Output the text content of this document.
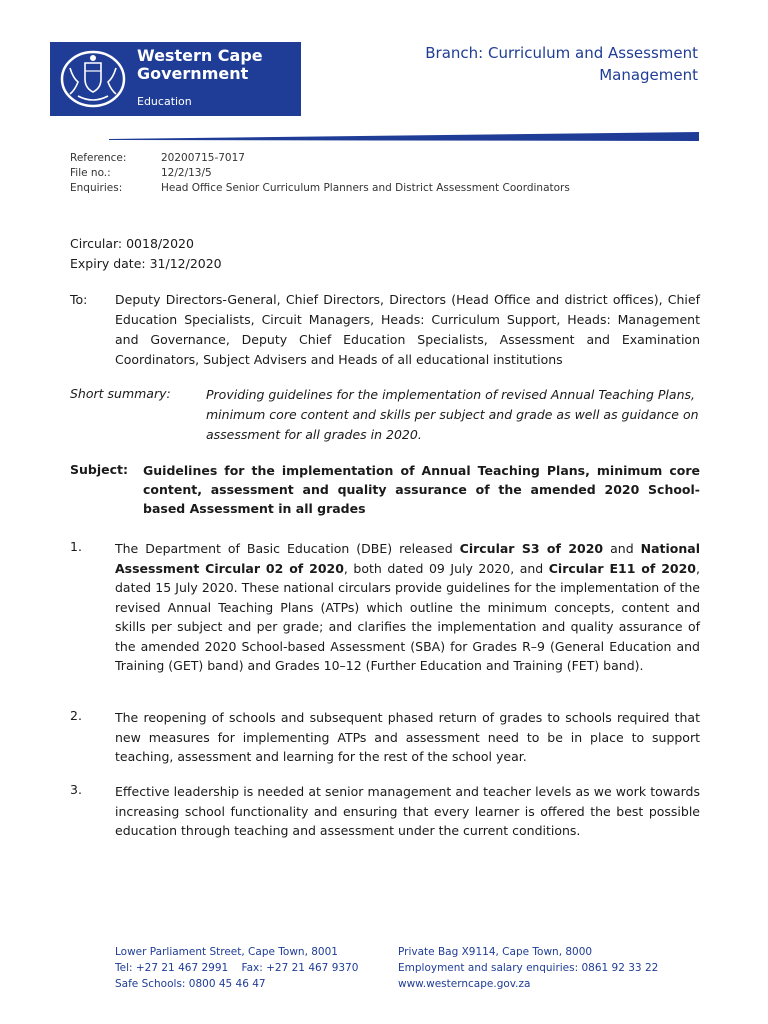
Western Cape
Government
Education
Branch: Curriculum and Assessment
Management
Reference:	20200715-7017
File no.:	12/2/13/5
Enquiries:	Head Office Senior Curriculum Planners and District Assessment Coordinators
Circular: 0018/2020
Expiry date: 31/12/2020
To: Deputy Directors-General, Chief Directors, Directors (Head Office and district offices), Chief Education Specialists, Circuit Managers, Heads: Curriculum Support, Heads: Management and Governance, Deputy Chief Education Specialists, Assessment and Examination Coordinators, Subject Advisers and Heads of all educational institutions

Short summary:	Providing guidelines for the implementation of revised Annual Teaching Plans, minimum core content and skills per subject and grade as well as guidance on assessment for all grades in 2020.

Subject: Guidelines for the implementation of Annual Teaching Plans, minimum core content, assessment and quality assurance of the amended 2020 School-based Assessment in all grades

1.	The Department of Basic Education (DBE) released Circular S3 of 2020 and National Assessment Circular 02 of 2020, both dated 09 July 2020, and Circular E11 of 2020, dated 15 July 2020. These national circulars provide guidelines for the implementation of the revised Annual Teaching Plans (ATPs) which outline the minimum concepts, content and skills per subject and per grade; and clarifies the implementation and quality assurance of the amended 2020 School-based Assessment (SBA) for Grades R–9 (General Education and Training (GET) band) and Grades 10–12 (Further Education and Training (FET) band).

2.	The reopening of schools and subsequent phased return of grades to schools required that new measures for implementing ATPs and assessment need to be in place to support teaching, assessment and learning for the rest of the school year.

3.	Effective leadership is needed at senior management and teacher levels as we work towards increasing school functionality and ensuring that every learner is offered the best possible education through teaching and assessment under the current conditions.

Lower Parliament Street, Cape Town, 8001
Tel: +27 21 467 2991    Fax: +27 21 467 9370
Safe Schools: 0800 45 46 47
Private Bag X9114, Cape Town, 8000
Employment and salary enquiries: 0861 92 33 22
www.westerncape.gov.za
